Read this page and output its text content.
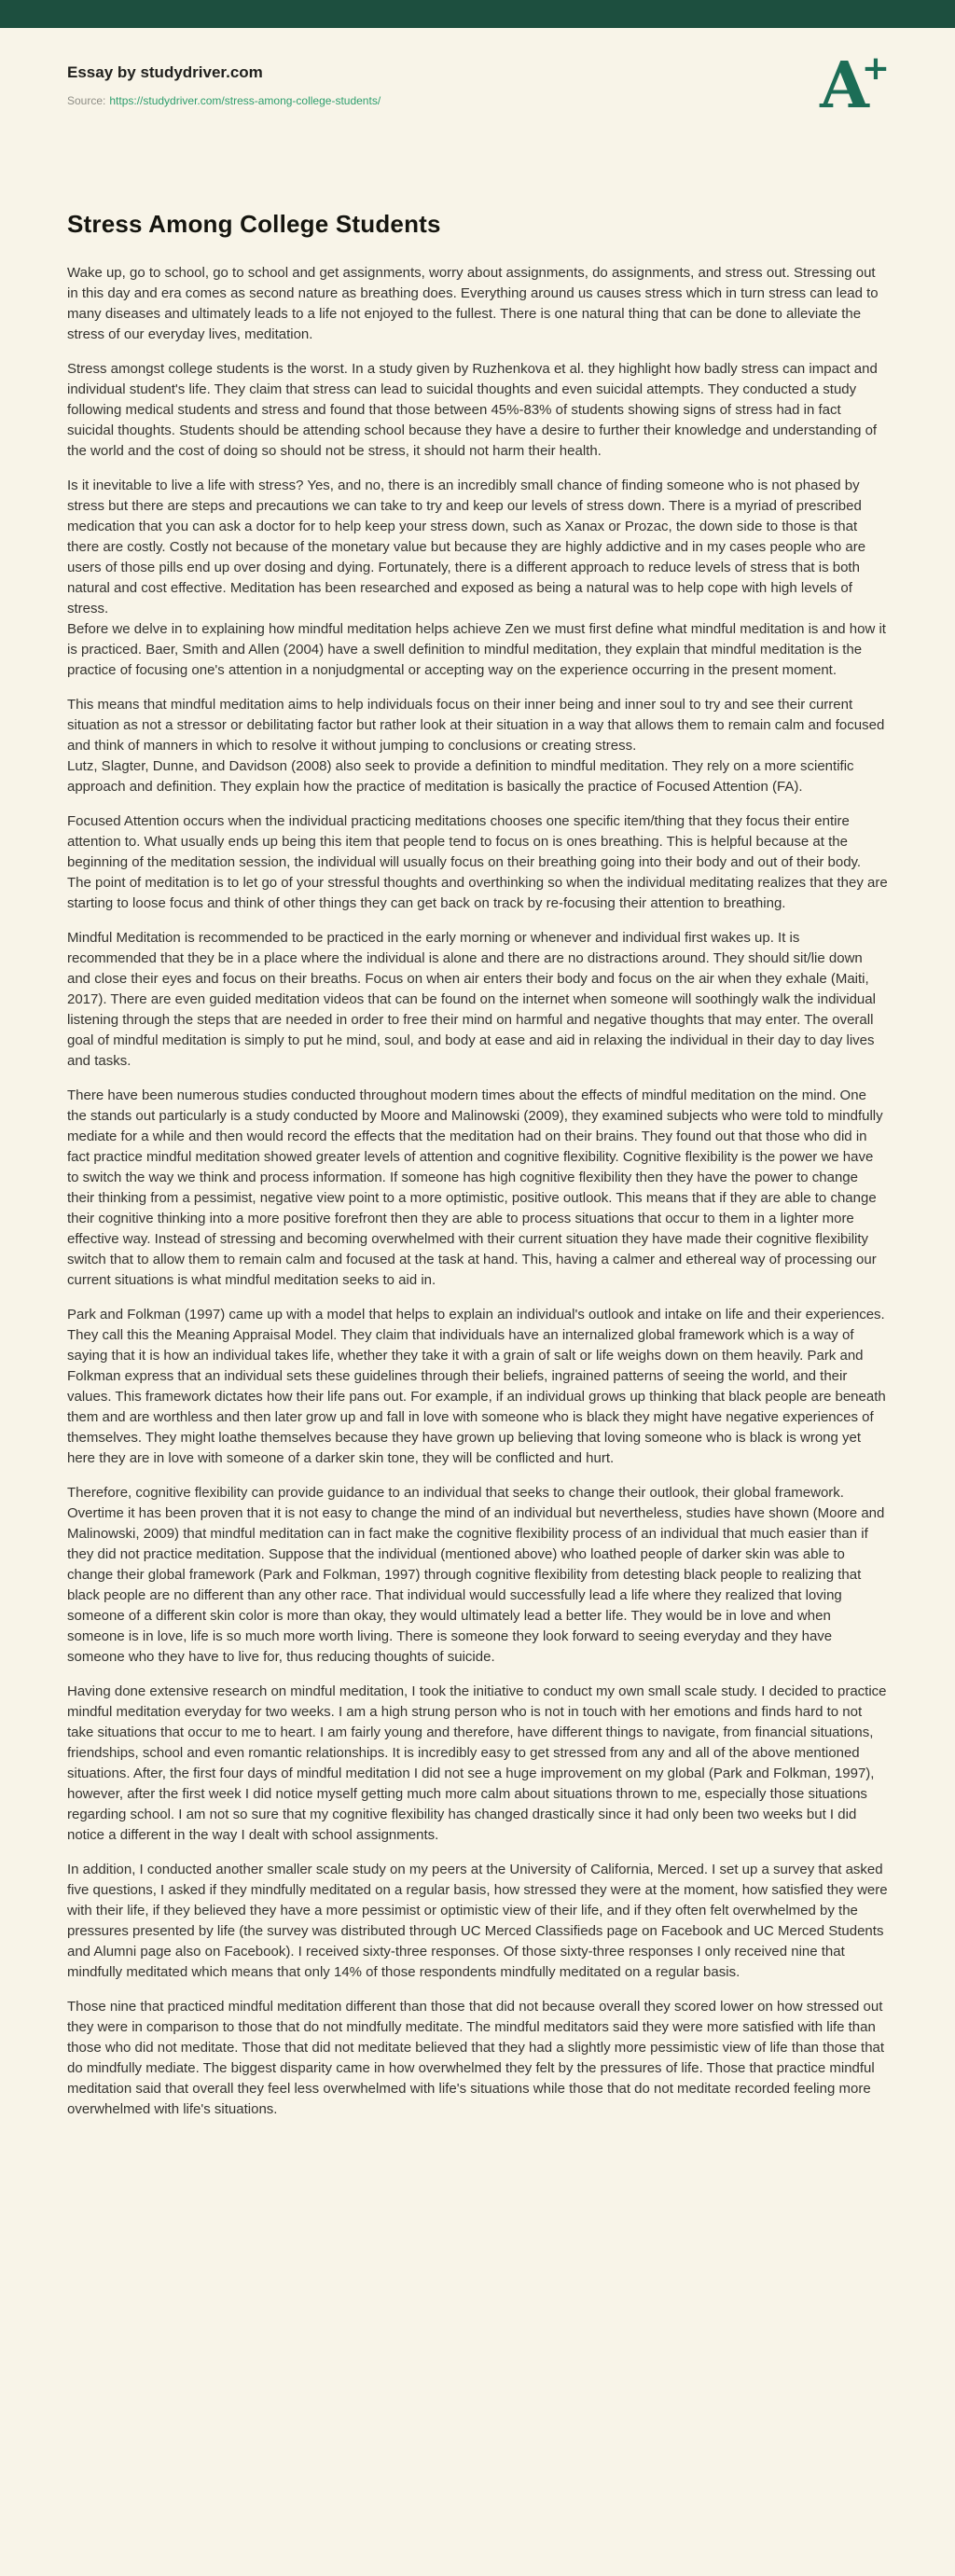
Essay by studydriver.com
Source: https://studydriver.com/stress-among-college-students/	A+
Stress Among College Students

Wake up, go to school, go to school and get assignments, worry about assignments, do assignments, and stress out. Stressing out in this day and era comes as second nature as breathing does. Everything around us causes stress which in turn stress can lead to many diseases and ultimately leads to a life not enjoyed to the fullest. There is one natural thing that can be done to alleviate the stress of our everyday lives, meditation.

Stress amongst college students is the worst. In a study given by Ruzhenkova et al. they highlight how badly stress can impact and individual student's life. They claim that stress can lead to suicidal thoughts and even suicidal attempts. They conducted a study following medical students and stress and found that those between 45%-83% of students showing signs of stress had in fact suicidal thoughts. Students should be attending school because they have a desire to further their knowledge and understanding of the world and the cost of doing so should not be stress, it should not harm their health.

Is it inevitable to live a life with stress? Yes, and no, there is an incredibly small chance of finding someone who is not phased by stress but there are steps and precautions we can take to try and keep our levels of stress down. There is a myriad of prescribed medication that you can ask a doctor for to help keep your stress down, such as Xanax or Prozac, the down side to those is that there are costly. Costly not because of the monetary value but because they are highly addictive and in my cases people who are users of those pills end up over dosing and dying. Fortunately, there is a different approach to reduce levels of stress that is both natural and cost effective. Meditation has been researched and exposed as being a natural was to help cope with high levels of stress.

Before we delve in to explaining how mindful meditation helps achieve Zen we must first define what mindful meditation is and how it is practiced. Baer, Smith and Allen (2004) have a swell definition to mindful meditation, they explain that mindful meditation is the practice of focusing one's attention in a nonjudgmental or accepting way on the experience occurring in the present moment.

This means that mindful meditation aims to help individuals focus on their inner being and inner soul to try and see their current situation as not a stressor or debilitating factor but rather look at their situation in a way that allows them to remain calm and focused and think of manners in which to resolve it without jumping to conclusions or creating stress.

Lutz, Slagter, Dunne, and Davidson (2008) also seek to provide a definition to mindful meditation. They rely on a more scientific approach and definition. They explain how the practice of meditation is basically the practice of Focused Attention (FA).

Focused Attention occurs when the individual practicing meditations chooses one specific item/thing that they focus their entire attention to. What usually ends up being this item that people tend to focus on is ones breathing. This is helpful because at the beginning of the meditation session, the individual will usually focus on their breathing going into their body and out of their body. The point of meditation is to let go of your stressful thoughts and overthinking so when the individual meditating realizes that they are starting to loose focus and think of other things they can get back on track by re-focusing their attention to breathing.

Mindful Meditation is recommended to be practiced in the early morning or whenever and individual first wakes up. It is recommended that they be in a place where the individual is alone and there are no distractions around. They should sit/lie down and close their eyes and focus on their breaths. Focus on when air enters their body and focus on the air when they exhale (Maiti, 2017). There are even guided meditation videos that can be found on the internet when someone will soothingly walk the individual listening through the steps that are needed in order to free their mind on harmful and negative thoughts that may enter. The overall goal of mindful meditation is simply to put he mind, soul, and body at ease and aid in relaxing the individual in their day to day lives and tasks.

There have been numerous studies conducted throughout modern times about the effects of mindful meditation on the mind. One the stands out particularly is a study conducted by Moore and Malinowski (2009), they examined subjects who were told to mindfully mediate for a while and then would record the effects that the meditation had on their brains. They found out that those who did in fact practice mindful meditation showed greater levels of attention and cognitive flexibility. Cognitive flexibility is the power we have to switch the way we think and process information. If someone has high cognitive flexibility then they have the power to change their thinking from a pessimist, negative view point to a more optimistic, positive outlook. This means that if they are able to change their cognitive thinking into a more positive forefront then they are able to process situations that occur to them in a lighter more effective way. Instead of stressing and becoming overwhelmed with their current situation they have made their cognitive flexibility switch that to allow them to remain calm and focused at the task at hand. This, having a calmer and ethereal way of processing our current situations is what mindful meditation seeks to aid in.

Park and Folkman (1997) came up with a model that helps to explain an individual's outlook and intake on life and their experiences. They call this the Meaning Appraisal Model. They claim that individuals have an internalized global framework which is a way of saying that it is how an individual takes life, whether they take it with a grain of salt or life weighs down on them heavily. Park and Folkman express that an individual sets these guidelines through their beliefs, ingrained patterns of seeing the world, and their values. This framework dictates how their life pans out. For example, if an individual grows up thinking that black people are beneath them and are worthless and then later grow up and fall in love with someone who is black they might have negative experiences of themselves. They might loathe themselves because they have grown up believing that loving someone who is black is wrong yet here they are in love with someone of a darker skin tone, they will be conflicted and hurt.

Therefore, cognitive flexibility can provide guidance to an individual that seeks to change their outlook, their global framework. Overtime it has been proven that it is not easy to change the mind of an individual but nevertheless, studies have shown (Moore and Malinowski, 2009) that mindful meditation can in fact make the cognitive flexibility process of an individual that much easier than if they did not practice meditation. Suppose that the individual (mentioned above) who loathed people of darker skin was able to change their global framework (Park and Folkman, 1997) through cognitive flexibility from detesting black people to realizing that black people are no different than any other race. That individual would successfully lead a life where they realized that loving someone of a different skin color is more than okay, they would ultimately lead a better life. They would be in love and when someone is in love, life is so much more worth living. There is someone they look forward to seeing everyday and they have someone who they have to live for, thus reducing thoughts of suicide.

Having done extensive research on mindful meditation, I took the initiative to conduct my own small scale study. I decided to practice mindful meditation everyday for two weeks. I am a high strung person who is not in touch with her emotions and finds hard to not take situations that occur to me to heart. I am fairly young and therefore, have different things to navigate, from financial situations, friendships, school and even romantic relationships. It is incredibly easy to get stressed from any and all of the above mentioned situations. After, the first four days of mindful meditation I did not see a huge improvement on my global (Park and Folkman, 1997), however, after the first week I did notice myself getting much more calm about situations thrown to me, especially those situations regarding school. I am not so sure that my cognitive flexibility has changed drastically since it had only been two weeks but I did notice a different in the way I dealt with school assignments.

In addition, I conducted another smaller scale study on my peers at the University of California, Merced. I set up a survey that asked five questions, I asked if they mindfully meditated on a regular basis, how stressed they were at the moment, how satisfied they were with their life, if they believed they have a more pessimist or optimistic view of their life, and if they often felt overwhelmed by the pressures presented by life (the survey was distributed through UC Merced Classifieds page on Facebook and UC Merced Students and Alumni page also on Facebook). I received sixty-three responses. Of those sixty-three responses I only received nine that mindfully meditated which means that only 14% of those respondents mindfully meditated on a regular basis.

Those nine that practiced mindful meditation different than those that did not because overall they scored lower on how stressed out they were in comparison to those that do not mindfully meditate. The mindful meditators said they were more satisfied with life than those who did not meditate. Those that did not meditate believed that they had a slightly more pessimistic view of life than those that do mindfully mediate. The biggest disparity came in how overwhelmed they felt by the pressures of life. Those that practice mindful meditation said that overall they feel less overwhelmed with life's situations while those that do not meditate recorded feeling more overwhelmed with life's situations.
